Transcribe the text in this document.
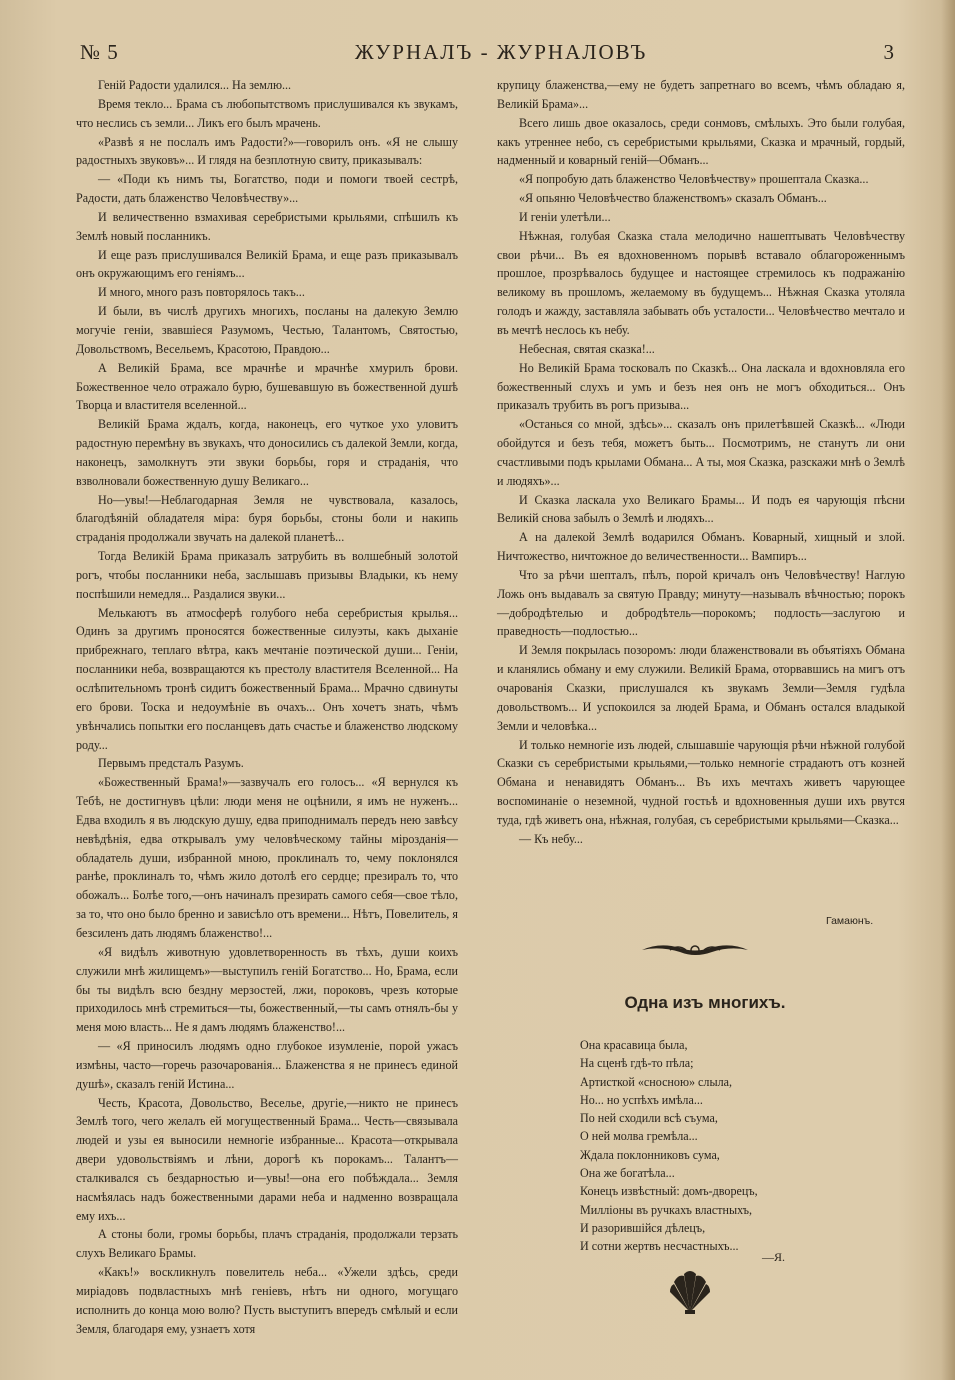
№ 5	ЖУРНАЛЪ - ЖУРНАЛОВЪ	3

Геній Радости удалился... На землю...

Время текло... Брама съ любопытствомъ прислушивался къ звукамъ, что неслись съ земли... Ликъ его былъ мрачень.

«Развѣ я не послалъ имъ Радости?»—говорилъ онъ. «Я не слышу радостныхъ звуковъ»... И глядя на безплотную свиту, приказывалъ:

— «Поди къ нимъ ты, Богатство, поди и помоги твоей сестрѣ, Радости, дать блаженство Человѣчеству»...

И величественно взмахивая серебристыми крыльями, спѣшилъ къ Землѣ новый посланникъ.

И еще разъ прислушивался Великій Брама, и еще разъ приказывалъ онъ окружающимъ его геніямъ...

И много, много разъ повторялось такъ...

И были, въ числѣ другихъ многихъ, посланы на далекую Землю могучіе геніи, звавшіеся Разумомъ, Честью, Талантомъ, Святостью, Довольствомъ, Весельемъ, Красотою, Правдою...

А Великій Брама, все мрачнѣе и мрачнѣе хмурилъ брови. Божественное чело отражало бурю, бушевавшую въ божественной душѣ Творца и властителя вселенной...

Великій Брама ждалъ, когда, наконецъ, его чуткое ухо уловитъ радостную перемѣну въ звукахъ, что доносились съ далекой Земли, когда, наконецъ, замолкнутъ эти звуки борьбы, горя и страданія, что взволновали божественную душу Великаго...

Но—увы!—Неблагодарная Земля не чувствовала, казалось, благодѣяній обладателя міра: буря борьбы, стоны боли и накипь страданія продолжали звучать на далекой планетѣ...

Тогда Великій Брама приказалъ затрубить въ волшебный золотой рогъ, чтобы посланники неба, заслышавъ призывы Владыки, къ нему поспѣшили немедля... Раздалися звуки...

Мелькаютъ въ атмосферѣ голубого неба серебристыя крылья... Одинъ за другимъ проносятся божественные силуэты, какъ дыханіе прибрежнаго, теплаго вѣтра, какъ мечтаніе поэтической души... Геніи, посланники неба, возвращаются къ престолу властителя Вселенной... На ослѣпительномъ тронѣ сидитъ божественный Брама... Мрачно сдвинуты его брови. Тоска и недоумѣніе въ очахъ... Онъ хочетъ знать, чѣмъ увѣнчались попытки его посланцевъ дать счастье и блаженство людскому роду...

Первымъ предсталъ Разумъ.

«Божественный Брама!»—зазвучалъ его голосъ... «Я вернулся къ Тебѣ, не достигнувъ цѣли: люди меня не оцѣнили, я имъ не нуженъ... Едва входилъ я въ людскую душу, едва приподнималъ передъ нею завѣсу невѣдѣнія, едва открывалъ уму человѣческому тайны мірозданія—обладатель души, избранной мною, проклиналъ то, чему поклонялся ранѣе, проклиналъ то, чѣмъ жило дотолѣ его сердце; презиралъ то, что обожалъ... Болѣе того,—онъ начиналъ презирать самого себя—свое тѣло, за то, что оно было бренно и зависѣло отъ времени... Нѣтъ, Повелитель, я безсиленъ дать людямъ блаженство!...

«Я видѣлъ животную удовлетворенность въ тѣхъ, души коихъ служили мнѣ жилищемъ»—выступилъ геній Богатство... Но, Брама, если бы ты видѣлъ всю бездну мерзостей, лжи, пороковъ, чрезъ которые приходилось мнѣ стремиться—ты, божественный,—ты самъ отнялъ-бы у меня мою власть... Не я дамъ людямъ блаженство!...

— «Я приносилъ людямъ одно глубокое изумленіе, порой ужасъ измѣны, часто—горечь разочарованія... Блаженства я не принесъ единой душѣ», сказалъ геній Истина...

Честь, Красота, Довольство, Веселье, другіе,—никто не принесъ Землѣ того, чего желалъ ей могущественный Брама... Честь—связывала людей и узы ея выносили немногіе избранные... Красота—открывала двери удовольствіямъ и лѣни, дорогѣ къ порокамъ... Талантъ—сталкивался съ бездарностью и—увы!—она его побѣждала... Земля насмѣялась надъ божественными дарами неба и надменно возвращала ему ихъ...

А стоны боли, громы борьбы, плачъ страданія, продолжали терзать слухъ Великаго Брамы.

«Какъ!» воскликнулъ повелитель неба... «Ужели здѣсь, среди миріадовъ подвластныхъ мнѣ геніевъ, нѣтъ ни одного, могущаго исполнить до конца мою волю? Пусть выступитъ впередъ смѣлый и если Земля, благодаря ему, узнаетъ хотя

крупицу блаженства,—ему не будетъ запретнаго во всемъ, чѣмъ обладаю я, Великій Брама»...

Всего лишь двое оказалось, среди сонмовъ, смѣлыхъ. Это были голубая, какъ утреннее небо, съ серебристыми крыльями, Сказка и мрачный, гордый, надменный и коварный геній—Обманъ...

«Я попробую дать блаженство Человѣчеству» прошептала Сказка...

«Я опьяню Человѣчество блаженствомъ» сказалъ Обманъ...

И геніи улетѣли...

Нѣжная, голубая Сказка стала мелодично нашептывать Человѣчеству свои рѣчи... Въ ея вдохновенномъ порывѣ вставало облагороженнымъ прошлое, прозрѣвалось будущее и настоящее стремилось къ подражанію великому въ прошломъ, желаемому въ будущемъ... Нѣжная Сказка утоляла голодъ и жажду, заставляла забывать объ усталости... Человѣчество мечтало и въ мечтѣ неслось къ небу.

Небесная, святая сказка!...

Но Великій Брама тосковалъ по Сказкѣ... Она ласкала и вдохновляла его божественный слухъ и умъ и безъ нея онъ не могъ обходиться... Онъ приказалъ трубить въ рогъ призыва...

«Останься со мной, здѣсь»... сказалъ онъ прилетѣвшей Сказкѣ... «Люди обойдутся и безъ тебя, можетъ быть... Посмотримъ, не станутъ ли они счастливыми подъ крылами Обмана... А ты, моя Сказка, разскажи мнѣ о Землѣ и людяхъ»...

И Сказка ласкала ухо Великаго Брамы... И подъ ея чарующія пѣсни Великій снова забылъ о Землѣ и людяхъ...

А на далекой Землѣ водарился Обманъ. Коварный, хищный и злой. Ничтожество, ничтожное до величественности... Вампиръ...

Что за рѣчи шепталъ, пѣлъ, порой кричалъ онъ Человѣчеству! Наглую Ложь онъ выдавалъ за святую Правду; минуту—называлъ вѣчностью; порокъ—добродѣтелью и добродѣтель—порокомъ; подлость—заслугою и праведность—подлостью...

И Земля покрылась позоромъ: люди блаженствовали въ объятіяхъ Обмана и кланялись обману и ему служили. Великій Брама, оторвавшись на мигъ отъ очарованія Сказки, прислушался къ звукамъ Земли—Земля гудѣла довольствомъ... И успокоился за людей Брама, и Обманъ остался владыкой Земли и человѣка...

И только немногіе изъ людей, слышавшіе чарующія рѣчи нѣжной голубой Сказки съ серебристыми крыльями,—только немногіе страдаютъ отъ козней Обмана и ненавидятъ Обманъ... Въ ихъ мечтахъ живетъ чарующее воспоминаніе о неземной, чудной гостьѣ и вдохновенныя души ихъ рвутся туда, гдѣ живетъ она, нѣжная, голубая, съ серебристыми крыльями—Сказка...

— Къ небу...

Гамаюнъ.
Одна изъ многихъ.
Она красавица была,
На сценѣ гдѣ-то пѣла;
Артисткой «сносною» слыла,
Но... но успѣхъ имѣла...
По ней сходили всѣ съума,
О ней молва гремѣла...
Ждала поклонниковъ сума,
Она же богатѣла...
Конецъ извѣстный: домъ-дворецъ,
Милліоны въ ручкахъ властныхъ,
И разорившійся дѣлецъ,
И сотни жертвъ несчастныхъ...
—Я.
